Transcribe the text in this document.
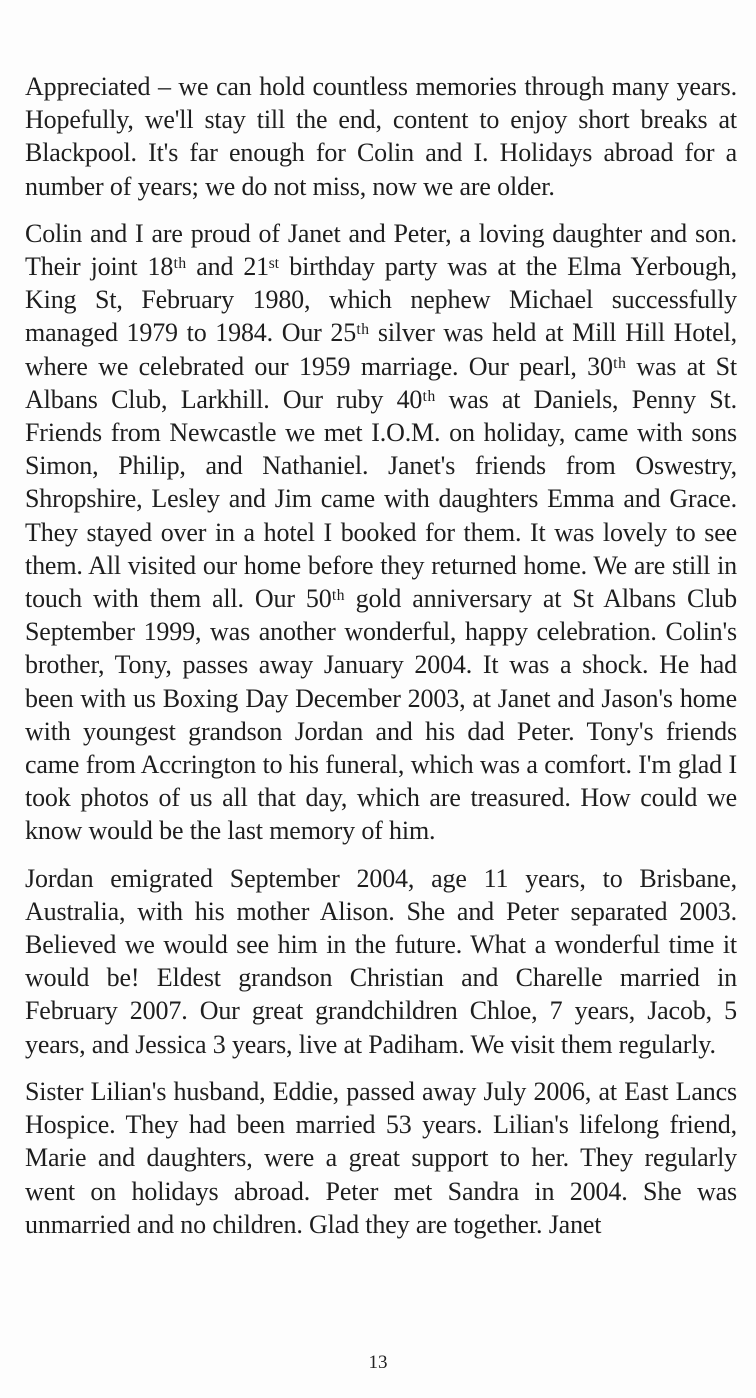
Appreciated – we can hold countless memories through many years. Hopefully, we'll stay till the end, content to enjoy short breaks at Blackpool. It's far enough for Colin and I. Holidays abroad for a number of years; we do not miss, now we are older.

Colin and I are proud of Janet and Peter, a loving daughter and son. Their joint 18ᵗʰ and 21ˢᵗ birthday party was at the Elma Yerbough, King St, February 1980, which nephew Michael successfully managed 1979 to 1984. Our 25ᵗʰ silver was held at Mill Hill Hotel, where we celebrated our 1959 marriage. Our pearl, 30ᵗʰ was at St Albans Club, Larkhill. Our ruby 40ᵗʰ was at Daniels, Penny St. Friends from Newcastle we met I.O.M. on holiday, came with sons Simon, Philip, and Nathaniel. Janet's friends from Oswestry, Shropshire, Lesley and Jim came with daughters Emma and Grace. They stayed over in a hotel I booked for them. It was lovely to see them. All visited our home before they returned home. We are still in touch with them all. Our 50ᵗʰ gold anniversary at St Albans Club September 1999, was another wonderful, happy celebration. Colin's brother, Tony, passes away January 2004. It was a shock. He had been with us Boxing Day December 2003, at Janet and Jason's home with youngest grandson Jordan and his dad Peter. Tony's friends came from Accrington to his funeral, which was a comfort. I'm glad I took photos of us all that day, which are treasured. How could we know would be the last memory of him.

Jordan emigrated September 2004, age 11 years, to Brisbane, Australia, with his mother Alison. She and Peter separated 2003. Believed we would see him in the future. What a wonderful time it would be! Eldest grandson Christian and Charelle married in February 2007. Our great grandchildren Chloe, 7 years, Jacob, 5 years, and Jessica 3 years, live at Padiham. We visit them regularly.

Sister Lilian's husband, Eddie, passed away July 2006, at East Lancs Hospice. They had been married 53 years. Lilian's lifelong friend, Marie and daughters, were a great support to her. They regularly went on holidays abroad. Peter met Sandra in 2004. She was unmarried and no children. Glad they are together. Janet

13
